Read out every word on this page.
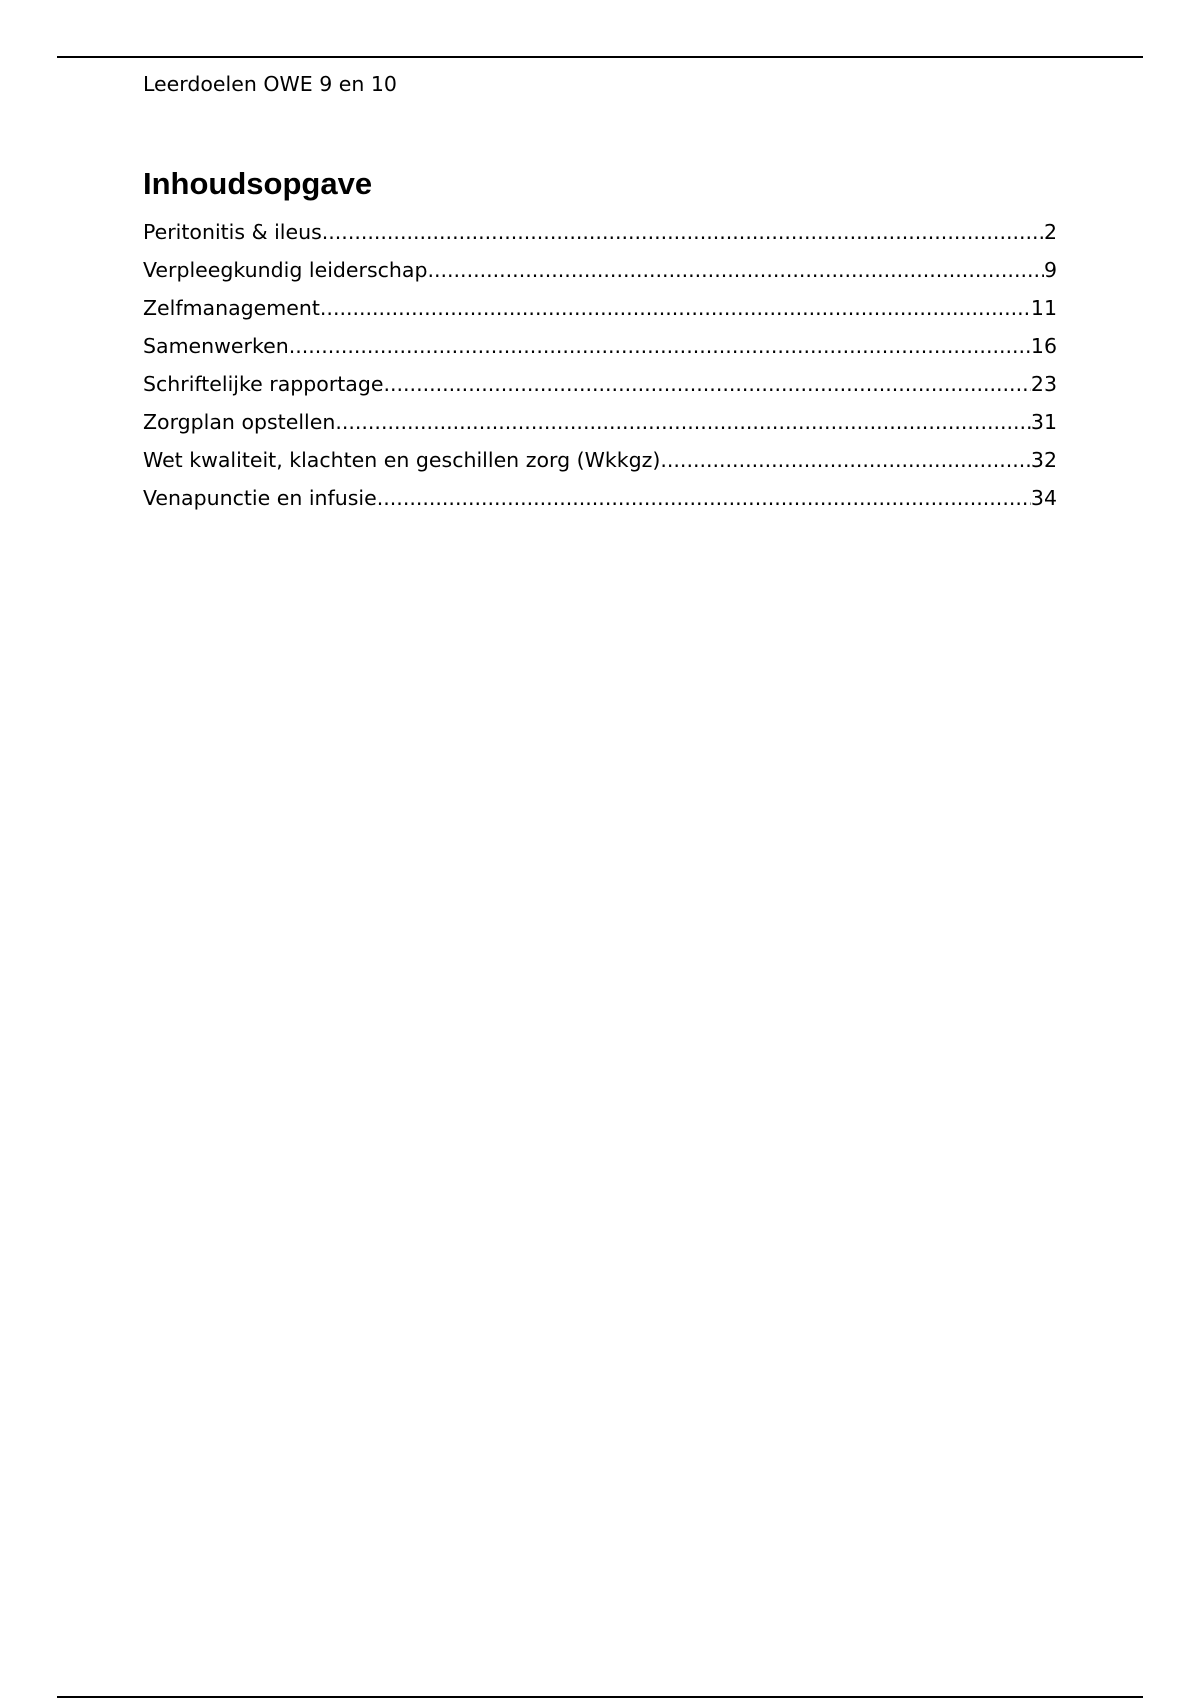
Leerdoelen OWE 9 en 10
Inhoudsopgave
Peritonitis & ileus .....	2
Verpleegkundig leiderschap .....	9
Zelfmanagement .....	11
Samenwerken .....	16
Schriftelijke rapportage .....	23
Zorgplan opstellen .....	31
Wet kwaliteit, klachten en geschillen zorg (Wkkgz) .....	32
Venapunctie en infusie .....	34
